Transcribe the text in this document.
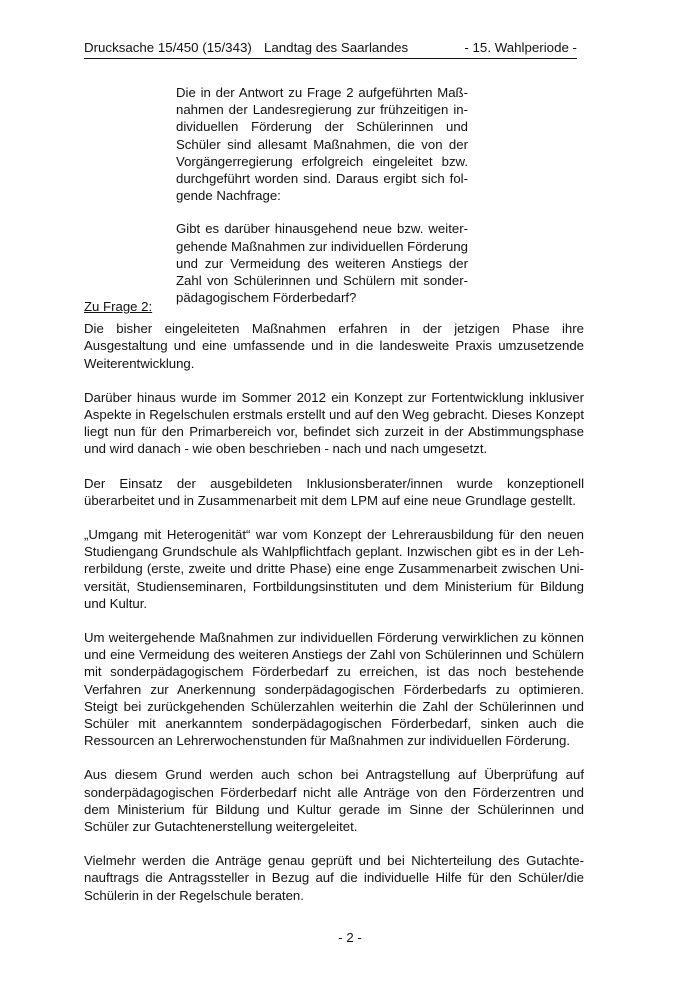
Drucksache 15/450 (15/343) Landtag des Saarlandes	- 15. Wahlperiode -

Die in der Antwort zu Frage 2 aufgeführten Maßnahmen der Landesregierung zur frühzeitigen individuellen Förderung der Schülerinnen und Schüler sind allesamt Maßnahmen, die von der Vorgängerregierung erfolgreich eingeleitet bzw. durchgeführt worden sind. Daraus ergibt sich folgende Nachfrage:

Gibt es darüber hinausgehend neue bzw. weitergehende Maßnahmen zur individuellen Förderung und zur Vermeidung des weiteren Anstiegs der Zahl von Schülerinnen und Schülern mit sonderpädagogischem Förderbedarf?

Zu Frage 2:

Die bisher eingeleiteten Maßnahmen erfahren in der jetzigen Phase ihre Ausgestaltung und eine umfassende und in die landesweite Praxis umzusetzende Weiterentwicklung.

Darüber hinaus wurde im Sommer 2012 ein Konzept zur Fortentwicklung inklusiver Aspekte in Regelschulen erstmals erstellt und auf den Weg gebracht. Dieses Konzept liegt nun für den Primarbereich vor, befindet sich zurzeit in der Abstimmungsphase und wird danach - wie oben beschrieben - nach und nach umgesetzt.

Der Einsatz der ausgebildeten Inklusionsberater/innen wurde konzeptionell überarbeitet und in Zusammenarbeit mit dem LPM auf eine neue Grundlage gestellt.

„Umgang mit Heterogenität“ war vom Konzept der Lehrerausbildung für den neuen Studiengang Grundschule als Wahlpflichtfach geplant. Inzwischen gibt es in der Lehrerbildung (erste, zweite und dritte Phase) eine enge Zusammenarbeit zwischen Universität, Studienseminaren, Fortbildungsinstituten und dem Ministerium für Bildung und Kultur.

Um weitergehende Maßnahmen zur individuellen Förderung verwirklichen zu können und eine Vermeidung des weiteren Anstiegs der Zahl von Schülerinnen und Schülern mit sonderpädagogischem Förderbedarf zu erreichen, ist das noch bestehende Verfahren zur Anerkennung sonderpädagogischen Förderbedarfs zu optimieren. Steigt bei zurückgehenden Schülerzahlen weiterhin die Zahl der Schülerinnen und Schüler mit anerkanntem sonderpädagogischen Förderbedarf, sinken auch die Ressourcen an Lehrerwochenstunden für Maßnahmen zur individuellen Förderung.

Aus diesem Grund werden auch schon bei Antragstellung auf Überprüfung auf sonderpädagogischen Förderbedarf nicht alle Anträge von den Förderzentren und dem Ministerium für Bildung und Kultur gerade im Sinne der Schülerinnen und Schüler zur Gutachtenerstellung weitergeleitet.

Vielmehr werden die Anträge genau geprüft und bei Nichterteilung des Gutachtenauftrags die Antragssteller in Bezug auf die individuelle Hilfe für den Schüler/die Schülerin in der Regelschule beraten.

- 2 -
